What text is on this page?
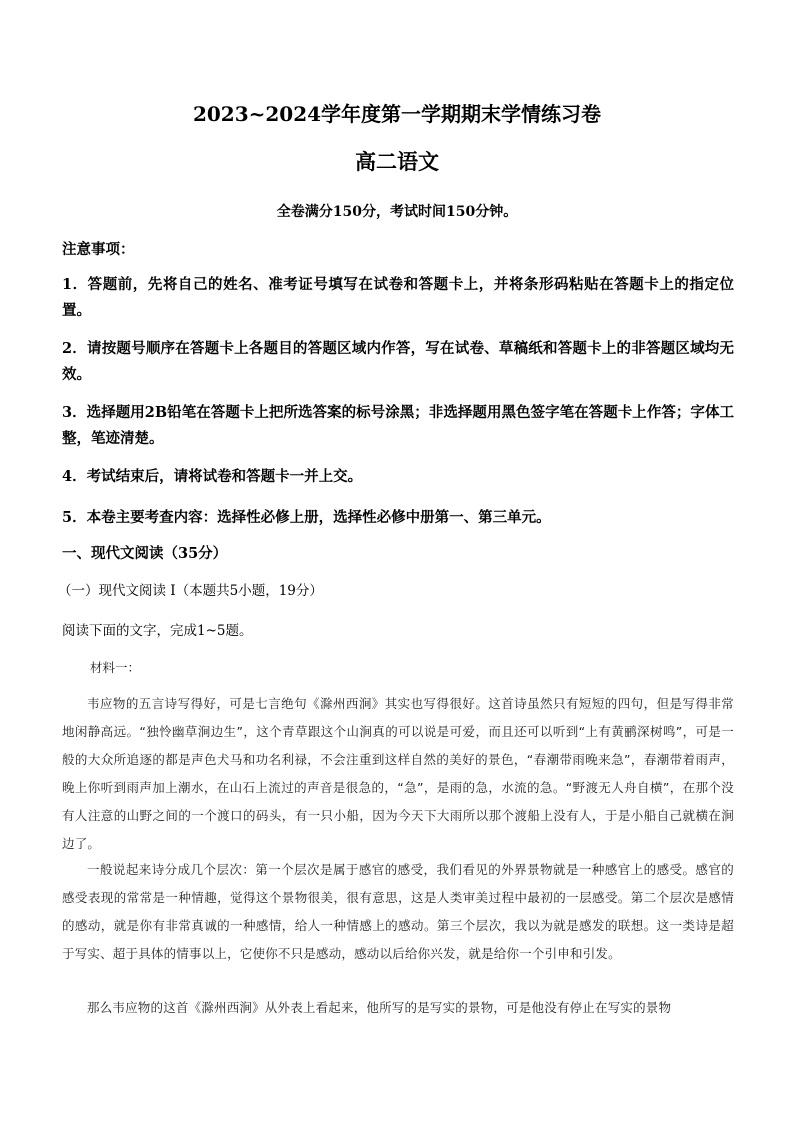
2023~2024学年度第一学期期末学情练习卷
高二语文
全卷满分150分，考试时间150分钟。
注意事项：
1．答题前，先将自己的姓名、准考证号填写在试卷和答题卡上，并将条形码粘贴在答题卡上的指定位置。
2．请按题号顺序在答题卡上各题目的答题区域内作答，写在试卷、草稿纸和答题卡上的非答题区域均无效。
3．选择题用2B铅笔在答题卡上把所选答案的标号涂黑；非选择题用黑色签字笔在答题卡上作答；字体工整，笔迹清楚。
4．考试结束后，请将试卷和答题卡一并上交。
5．本卷主要考查内容：选择性必修上册，选择性必修中册第一、第三单元。
一、现代文阅读（35分）
（一）现代文阅读 I（本题共5小题，19分）
阅读下面的文字，完成1~5题。
材料一：
韦应物的五言诗写得好，可是七言绝句《滁州西涧》其实也写得很好。这首诗虽然只有短短的四句，但是写得非常地闲静高远。“独怜幽草涧边生”，这个青草跟这个山涧真的可以说是可爱，而且还可以听到“上有黄鹂深树鸣”，可是一般的大众所追逐的都是声色犬马和功名利禄，不会注重到这样自然的美好的景色，“春潮带雨晚来急”，春潮带着雨声，晚上你听到雨声加上潮水，在山石上流过的声音是很急的，“急”，是雨的急，水流的急。“野渡无人舟自横”，在那个没有人注意的山野之间的一个渡口的码头，有一只小船，因为今天下大雨所以那个渡船上没有人，于是小船自己就横在涧边了。
一般说起来诗分成几个层次：第一个层次是属于感官的感受，我们看见的外界景物就是一种感官上的感受。感官的感受表现的常常是一种情趣，觉得这个景物很美，很有意思，这是人类审美过程中最初的一层感受。第二个层次是感情的感动，就是你有非常真诚的一种感情，给人一种情感上的感动。第三个层次，我以为就是感发的联想。这一类诗是超于写实、超于具体的情事以上，它使你不只是感动，感动以后给你兴发，就是给你一个引申和引发。
那么韦应物的这首《滁州西涧》从外表上看起来，他所写的是写实的景物，可是他没有停止在写实的景物
